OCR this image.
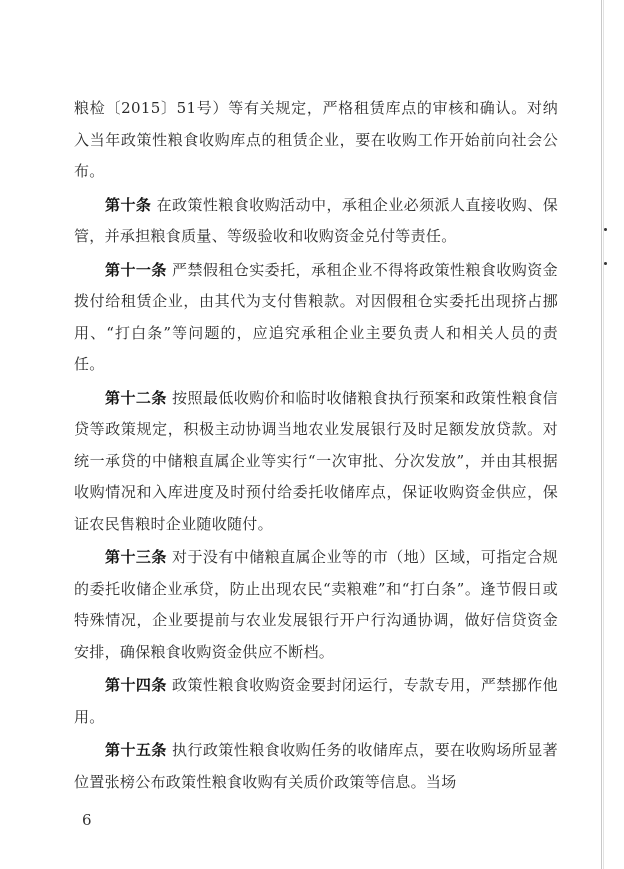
粮检〔2015〕51号）等有关规定，严格租赁库点的审核和确认。对纳入当年政策性粮食收购库点的租赁企业，要在收购工作开始前向社会公布。

第十条 在政策性粮食收购活动中，承租企业必须派人直接收购、保管，并承担粮食质量、等级验收和收购资金兑付等责任。

第十一条 严禁假租仓实委托，承租企业不得将政策性粮食收购资金拨付给租赁企业，由其代为支付售粮款。对因假租仓实委托出现挤占挪用、“打白条”等问题的，应追究承租企业主要负责人和相关人员的责任。

第十二条 按照最低收购价和临时收储粮食执行预案和政策性粮食信贷等政策规定，积极主动协调当地农业发展银行及时足额发放贷款。对统一承贷的中储粮直属企业等实行“一次审批、分次发放”，并由其根据收购情况和入库进度及时预付给委托收储库点，保证收购资金供应，保证农民售粮时企业随收随付。

第十三条 对于没有中储粮直属企业等的市（地）区域，可指定合规的委托收储企业承贷，防止出现农民“卖粮难”和“打白条”。逢节假日或特殊情况，企业要提前与农业发展银行开户行沟通协调，做好信贷资金安排，确保粮食收购资金供应不断档。

第十四条 政策性粮食收购资金要封闭运行，专款专用，严禁挪作他用。

第十五条 执行政策性粮食收购任务的收储库点，要在收购场所显著位置张榜公布政策性粮食收购有关质价政策等信息。当场

6
